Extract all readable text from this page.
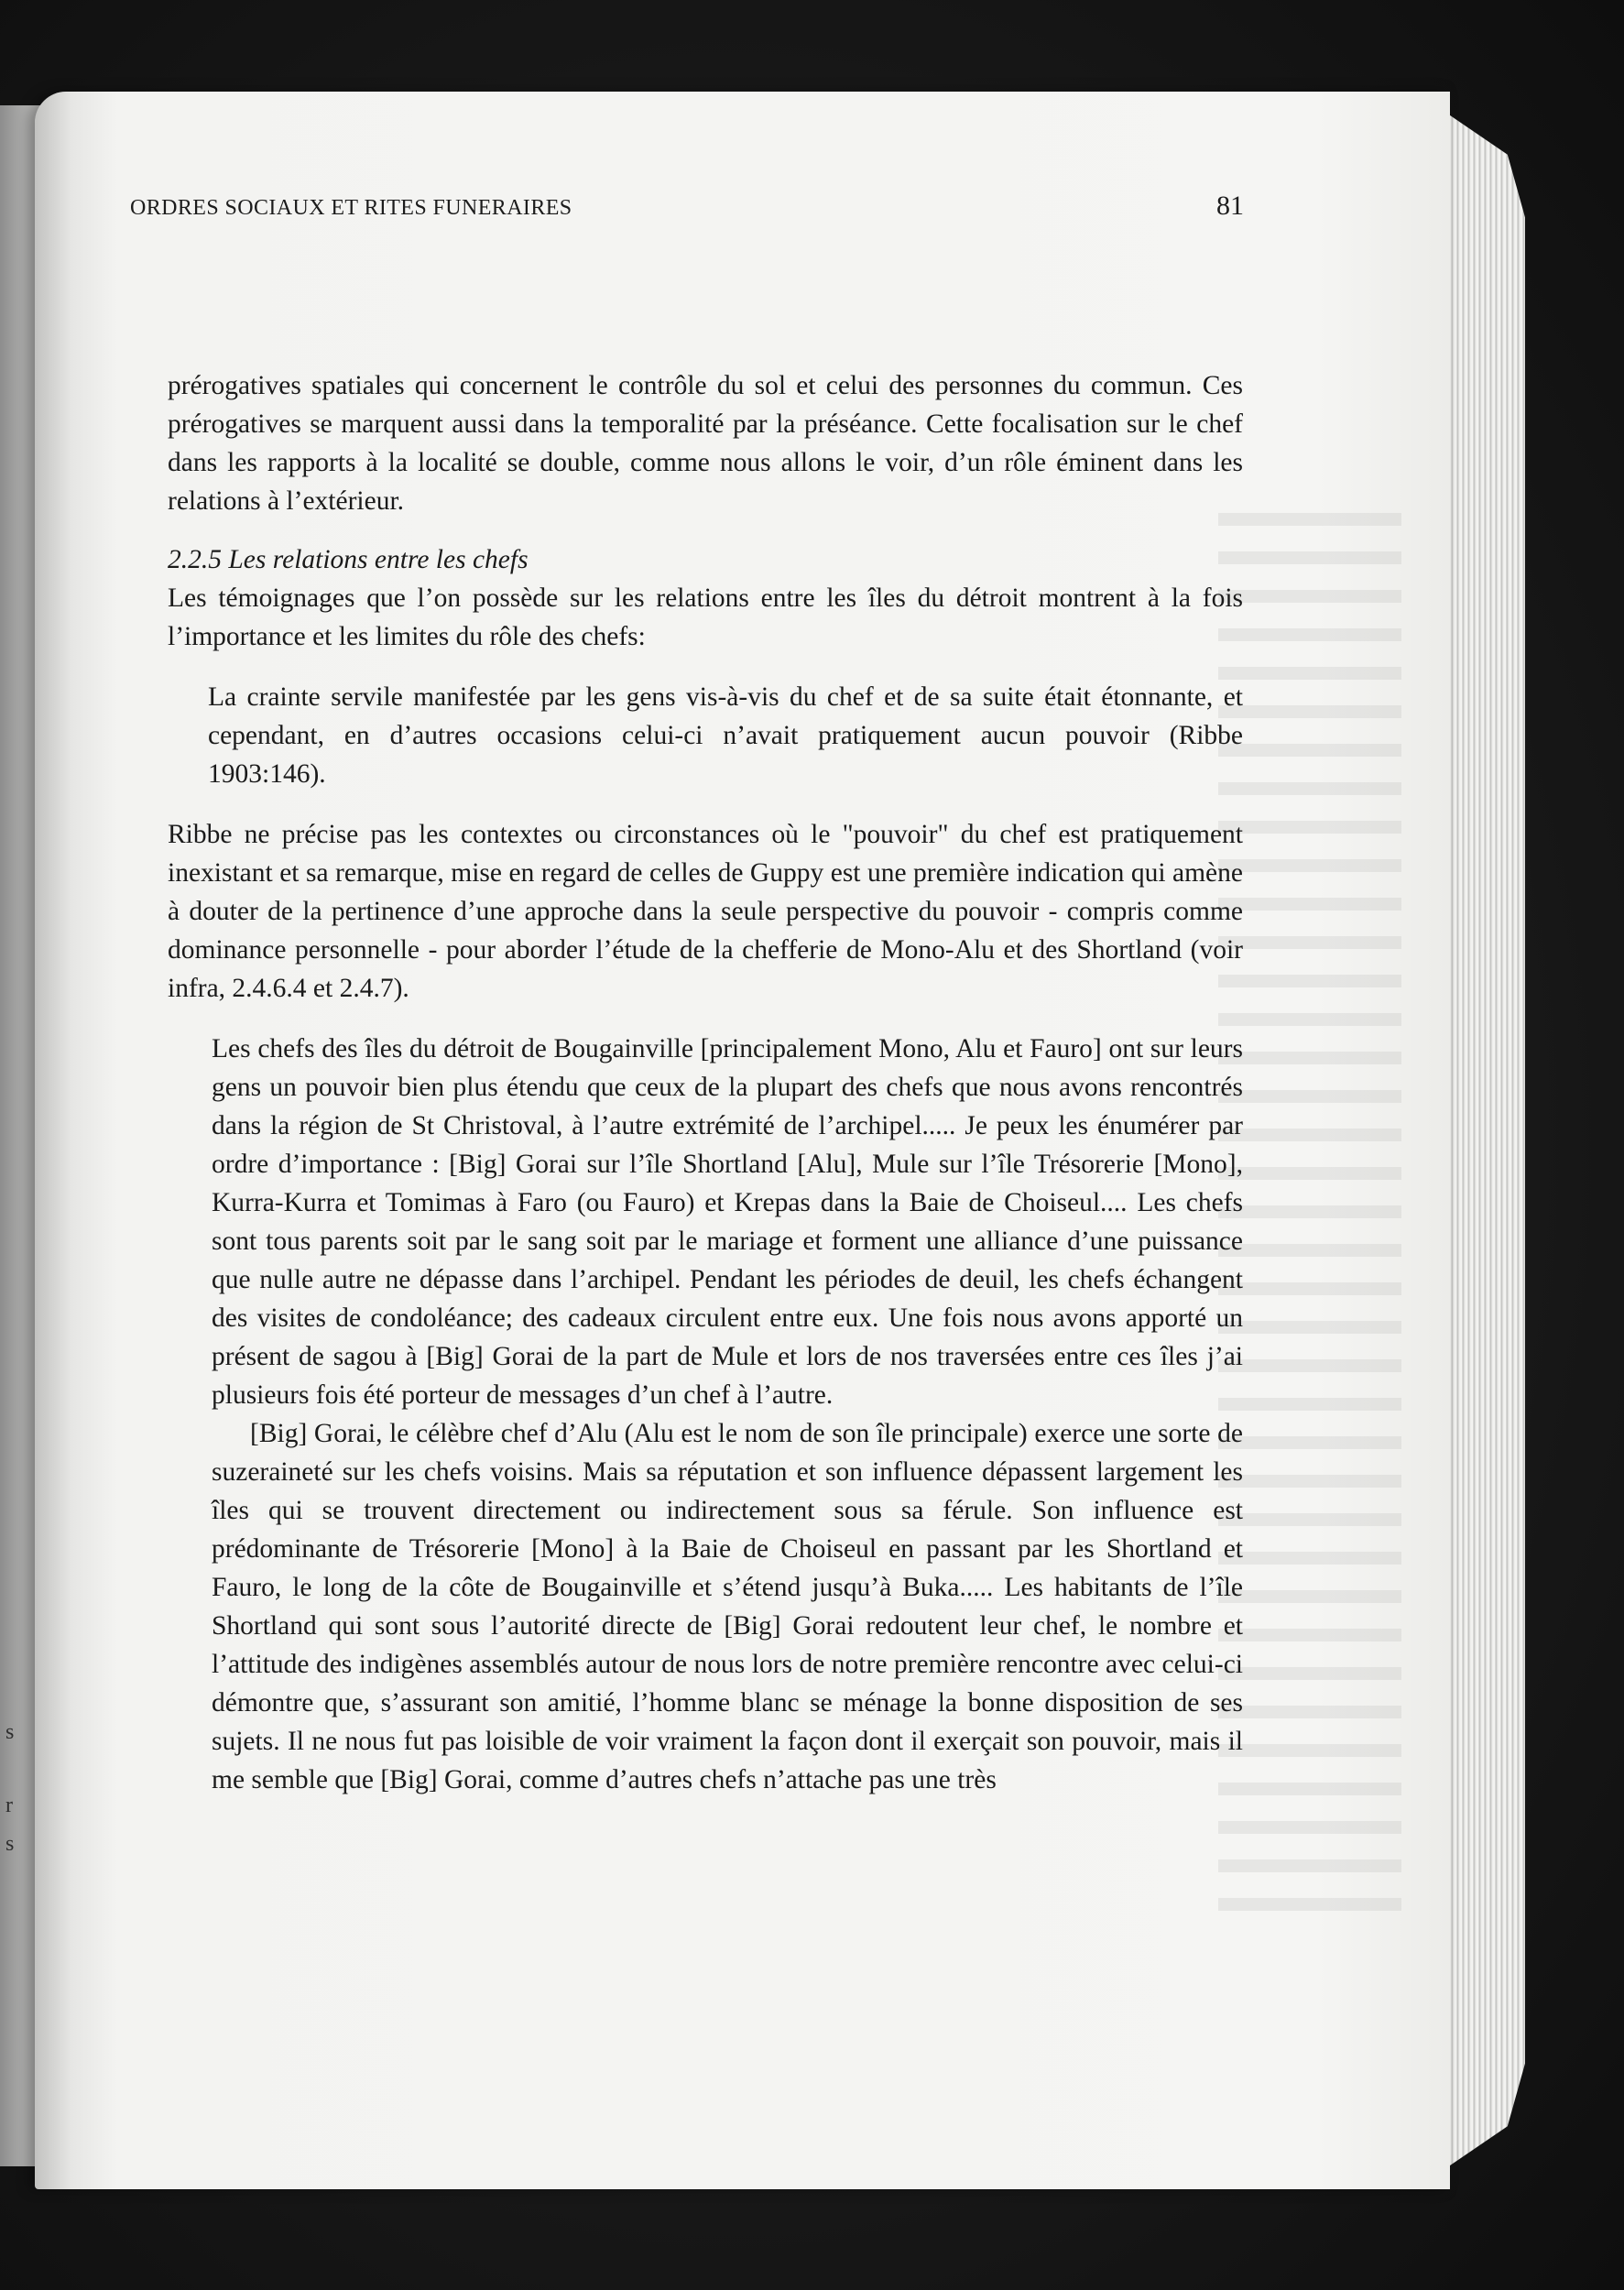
s
r
s
ORDRES SOCIAUX ET RITES FUNERAIRES	81

prérogatives spatiales qui concernent le contrôle du sol et celui des personnes du commun. Ces prérogatives se marquent aussi dans la temporalité par la préséance. Cette focalisation sur le chef dans les rapports à la localité se double, comme nous allons le voir, d’un rôle éminent dans les relations à l’extérieur.

2.2.5 Les relations entre les chefs

Les témoignages que l’on possède sur les relations entre les îles du détroit montrent à la fois l’importance et les limites du rôle des chefs:

La crainte servile manifestée par les gens vis-à-vis du chef et de sa suite était étonnante, et cependant, en d’autres occasions celui-ci n’avait pratiquement aucun pouvoir (Ribbe 1903:146).

Ribbe ne précise pas les contextes ou circonstances où le "pouvoir" du chef est pratiquement inexistant et sa remarque, mise en regard de celles de Guppy est une première indication qui amène à douter de la pertinence d’une approche dans la seule perspective du pouvoir - compris comme dominance personnelle - pour aborder l’étude de la chefferie de Mono-Alu et des Shortland (voir infra, 2.4.6.4 et 2.4.7).

Les chefs des îles du détroit de Bougainville [principalement Mono, Alu et Fauro] ont sur leurs gens un pouvoir bien plus étendu que ceux de la plupart des chefs que nous avons rencontrés dans la région de St Christoval, à l’autre extrémité de l’archipel..... Je peux les énumérer par ordre d’importance : [Big] Gorai sur l’île Shortland [Alu], Mule sur l’île Trésorerie [Mono], Kurra-Kurra et Tomimas à Faro (ou Fauro) et Krepas dans la Baie de Choiseul.... Les chefs sont tous parents soit par le sang soit par le mariage et forment une alliance d’une puissance que nulle autre ne dépasse dans l’archipel. Pendant les périodes de deuil, les chefs échangent des visites de condoléance; des cadeaux circulent entre eux. Une fois nous avons apporté un présent de sagou à [Big] Gorai de la part de Mule et lors de nos traversées entre ces îles j’ai plusieurs fois été porteur de messages d’un chef à l’autre.

[Big] Gorai, le célèbre chef d’Alu (Alu est le nom de son île principale) exerce une sorte de suzeraineté sur les chefs voisins. Mais sa réputation et son influence dépassent largement les îles qui se trouvent directement ou indirectement sous sa férule. Son influence est prédominante de Trésorerie [Mono] à la Baie de Choiseul en passant par les Shortland et Fauro, le long de la côte de Bougainville et s’étend jusqu’à Buka..... Les habitants de l’île Shortland qui sont sous l’autorité directe de [Big] Gorai redoutent leur chef, le nombre et l’attitude des indigènes assemblés autour de nous lors de notre première rencontre avec celui-ci démontre que, s’assurant son amitié, l’homme blanc se ménage la bonne disposition de ses sujets. Il ne nous fut pas loisible de voir vraiment la façon dont il exerçait son pouvoir, mais il me semble que [Big] Gorai, comme d’autres chefs n’attache pas une très
